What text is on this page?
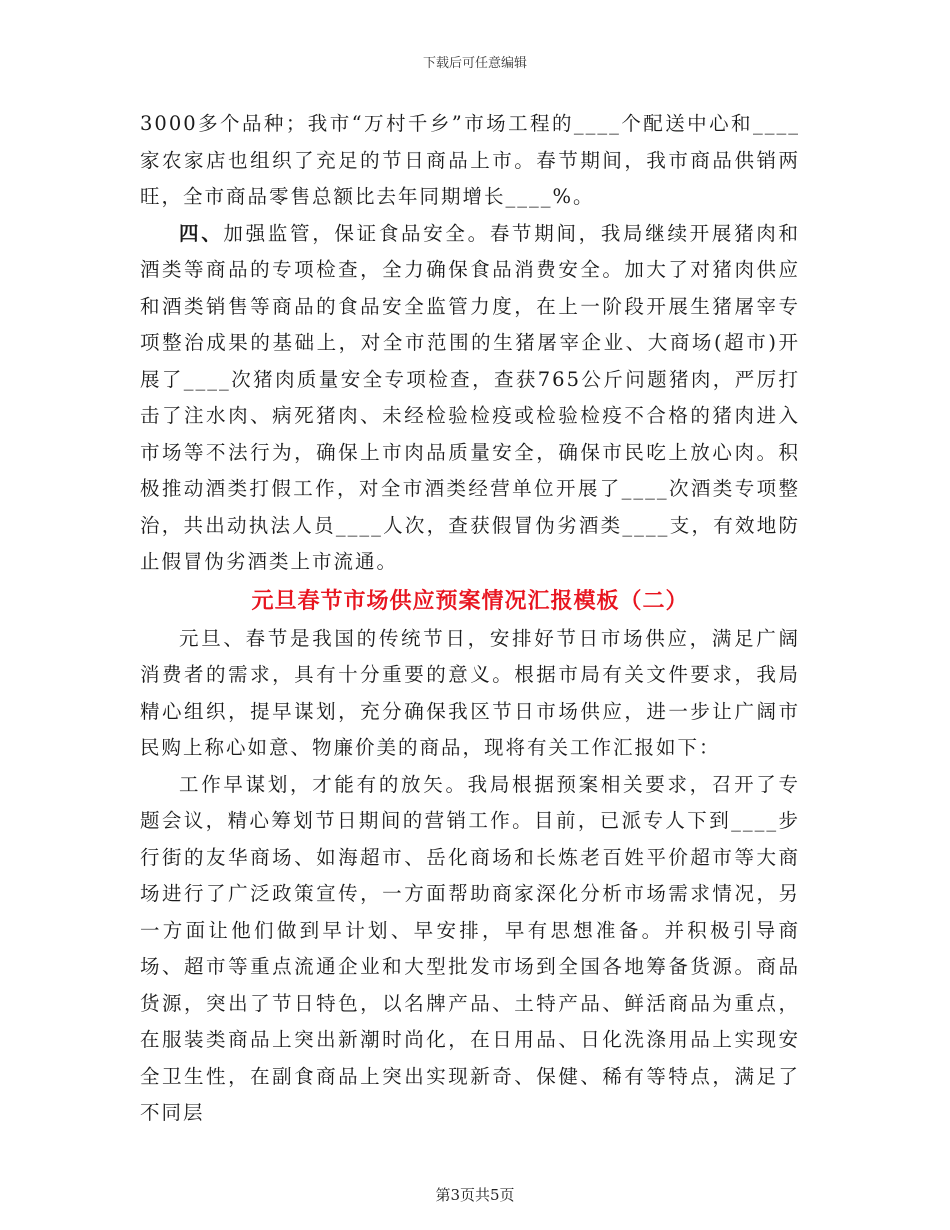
下载后可任意编辑

3000多个品种；我市“万村千乡”市场工程的____个配送中心和____家农家店也组织了充足的节日商品上市。春节期间，我市商品供销两旺，全市商品零售总额比去年同期增长____%。

四、加强监管，保证食品安全。春节期间，我局继续开展猪肉和酒类等商品的专项检查，全力确保食品消费安全。加大了对猪肉供应和酒类销售等商品的食品安全监管力度，在上一阶段开展生猪屠宰专项整治成果的基础上，对全市范围的生猪屠宰企业、大商场(超市)开展了____次猪肉质量安全专项检查，查获765公斤问题猪肉，严厉打击了注水肉、病死猪肉、未经检验检疫或检验检疫不合格的猪肉进入市场等不法行为，确保上市肉品质量安全，确保市民吃上放心肉。积极推动酒类打假工作，对全市酒类经营单位开展了____次酒类专项整治，共出动执法人员____人次，查获假冒伪劣酒类____支，有效地防止假冒伪劣酒类上市流通。

元旦春节市场供应预案情况汇报模板（二）

元旦、春节是我国的传统节日，安排好节日市场供应，满足广阔消费者的需求，具有十分重要的意义。根据市局有关文件要求，我局精心组织，提早谋划，充分确保我区节日市场供应，进一步让广阔市民购上称心如意、物廉价美的商品，现将有关工作汇报如下：

工作早谋划，才能有的放矢。我局根据预案相关要求，召开了专题会议，精心筹划节日期间的营销工作。目前，已派专人下到____步行街的友华商场、如海超市、岳化商场和长炼老百姓平价超市等大商场进行了广泛政策宣传，一方面帮助商家深化分析市场需求情况，另一方面让他们做到早计划、早安排，早有思想准备。并积极引导商场、超市等重点流通企业和大型批发市场到全国各地筹备货源。商品货源，突出了节日特色，以名牌产品、土特产品、鲜活商品为重点，在服装类商品上突出新潮时尚化，在日用品、日化洗涤用品上实现安全卫生性，在副食商品上突出实现新奇、保健、稀有等特点，满足了不同层

第3页共5页
